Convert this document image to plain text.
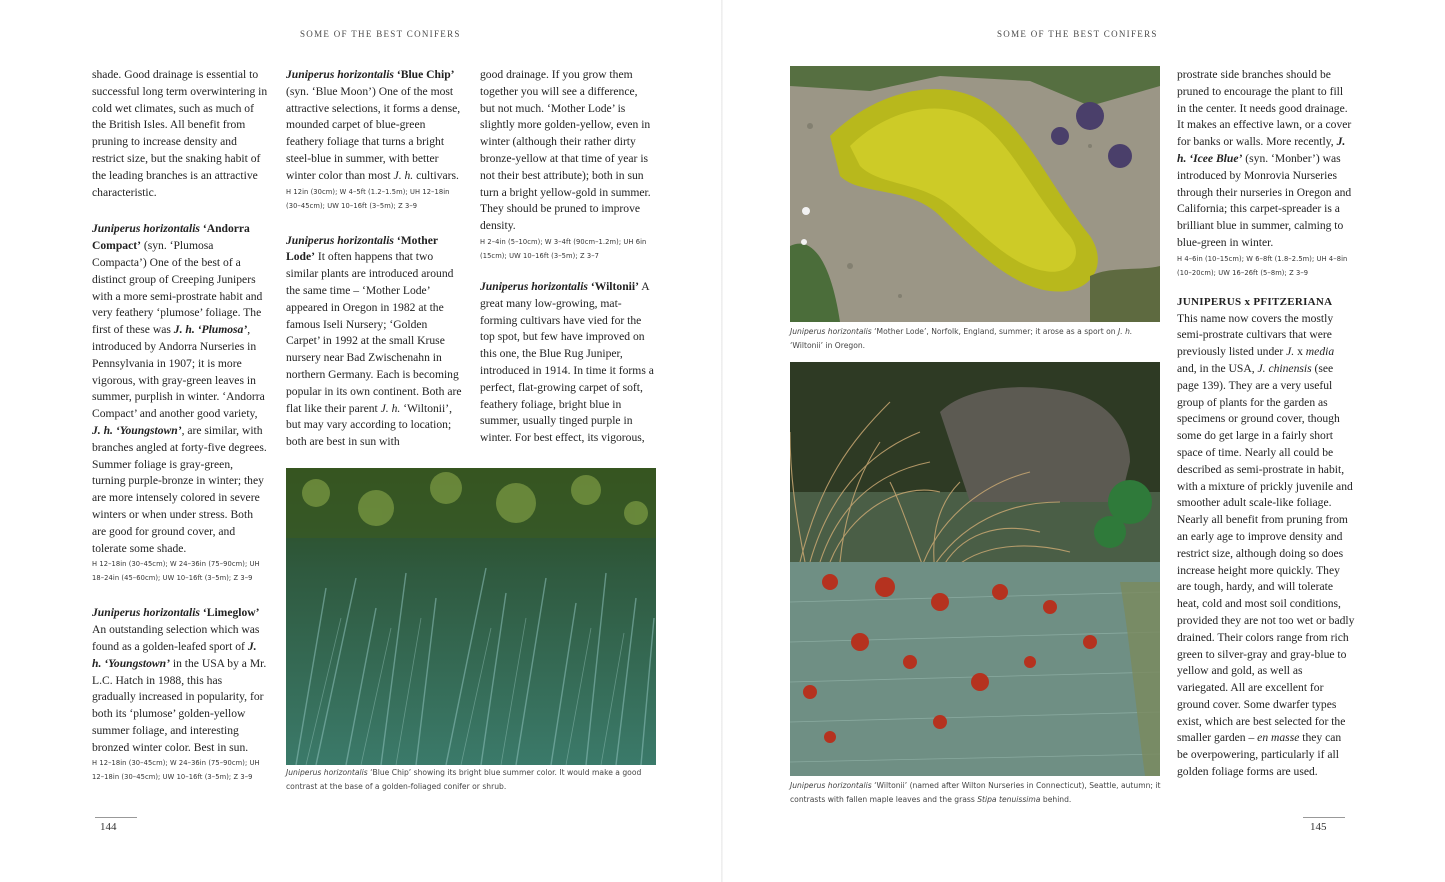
SOME OF THE BEST CONIFERS

shade. Good drainage is essential to successful long term overwintering in cold wet climates, such as much of the British Isles. All benefit from pruning to increase density and restrict size, but the snaking habit of the leading branches is an attractive characteristic.

Juniperus horizontalis ‘Andorra Compact’ (syn. ‘Plumosa Compacta’) One of the best of a distinct group of Creeping Junipers with a more semi-prostrate habit and very feathery ‘plumose’ foliage. The first of these was J. h. ‘Plumosa’, introduced by Andorra Nurseries in Pennsylvania in 1907; it is more vigorous, with gray-green leaves in summer, purplish in winter. ‘Andorra Compact’ and another good variety, J. h. ‘Youngstown’, are similar, with branches angled at forty-five degrees. Summer foliage is gray-green, turning purple-bronze in winter; they are more intensely colored in severe winters or when under stress. Both are good for ground cover, and tolerate some shade.

H 12–18in (30–45cm); W 24–36in (75–90cm); UH 18–24in (45–60cm); UW 10–16ft (3–5m); Z 3–9

Juniperus horizontalis ‘Limeglow’ An outstanding selection which was found as a golden-leafed sport of J. h. ‘Youngstown’ in the USA by a Mr. L.C. Hatch in 1988, this has gradually increased in popularity, for both its ‘plumose’ golden-yellow summer foliage, and interesting bronzed winter color. Best in sun.

H 12–18in (30–45cm); W 24–36in (75–90cm); UH 12–18in (30–45cm); UW 10–16ft (3–5m); Z 3–9

Juniperus horizontalis ‘Blue Chip’ (syn. ‘Blue Moon’) One of the most attractive selections, it forms a dense, mounded carpet of blue-green feathery foliage that turns a bright steel-blue in summer, with better winter color than most J. h. cultivars.

H 12in (30cm); W 4–5ft (1.2–1.5m); UH 12–18in (30–45cm); UW 10–16ft (3–5m); Z 3–9

Juniperus horizontalis ‘Mother Lode’ It often happens that two similar plants are introduced around the same time – ‘Mother Lode’ appeared in Oregon in 1982 at the famous Iseli Nursery; ‘Golden Carpet’ in 1992 at the small Kruse nursery near Bad Zwischenahn in northern Germany. Each is becoming popular in its own continent. Both are flat like their parent J. h. ‘Wiltonii’, but may vary according to location; both are best in sun with

good drainage. If you grow them together you will see a difference, but not much. ‘Mother Lode’ is slightly more golden-yellow, even in winter (although their rather dirty bronze-yellow at that time of year is not their best attribute); both in sun turn a bright yellow-gold in summer. They should be pruned to improve density.

H 2–4in (5–10cm); W 3–4ft (90cm–1.2m); UH 6in (15cm); UW 10–16ft (3–5m); Z 3–7

Juniperus horizontalis ‘Wiltonii’ A great many low-growing, mat-forming cultivars have vied for the top spot, but few have improved on this one, the Blue Rug Juniper, introduced in 1914. In time it forms a perfect, flat-growing carpet of soft, feathery foliage, bright blue in summer, usually tinged purple in winter. For best effect, its vigorous,

Juniperus horizontalis ‘Blue Chip’ showing its bright blue summer color. It would make a good contrast at the base of a golden-foliaged conifer or shrub.
144
SOME OF THE BEST CONIFERS
Juniperus horizontalis ‘Mother Lode’, Norfolk, England, summer; it arose as a sport on J. h. ‘Wiltonii’ in Oregon.
Juniperus horizontalis ‘Wiltonii’ (named after Wilton Nurseries in Connecticut), Seattle, autumn; it contrasts with fallen maple leaves and the grass Stipa tenuissima behind.

prostrate side branches should be pruned to encourage the plant to fill in the center. It needs good drainage. It makes an effective lawn, or a cover for banks or walls. More recently, J. h. ‘Icee Blue’ (syn. ‘Monber’) was introduced by Monrovia Nurseries through their nurseries in Oregon and California; this carpet-spreader is a brilliant blue in summer, calming to blue-green in winter.

H 4–6in (10–15cm); W 6–8ft (1.8–2.5m); UH 4–8in (10–20cm); UW 16–26ft (5–8m); Z 3–9

JUNIPERUS x PFITZERIANA

This name now covers the mostly semi-prostrate cultivars that were previously listed under J. x media and, in the USA, J. chinensis (see page 139). They are a very useful group of plants for the garden as specimens or ground cover, though some do get large in a fairly short space of time. Nearly all could be described as semi-prostrate in habit, with a mixture of prickly juvenile and smoother adult scale-like foliage. Nearly all benefit from pruning from an early age to improve density and restrict size, although doing so does increase height more quickly. They are tough, hardy, and will tolerate heat, cold and most soil conditions, provided they are not too wet or badly drained. Their colors range from rich green to silver-gray and gray-blue to yellow and gold, as well as variegated. All are excellent for ground cover. Some dwarfer types exist, which are best selected for the smaller garden – en masse they can be overpowering, particularly if all golden foliage forms are used.

145
